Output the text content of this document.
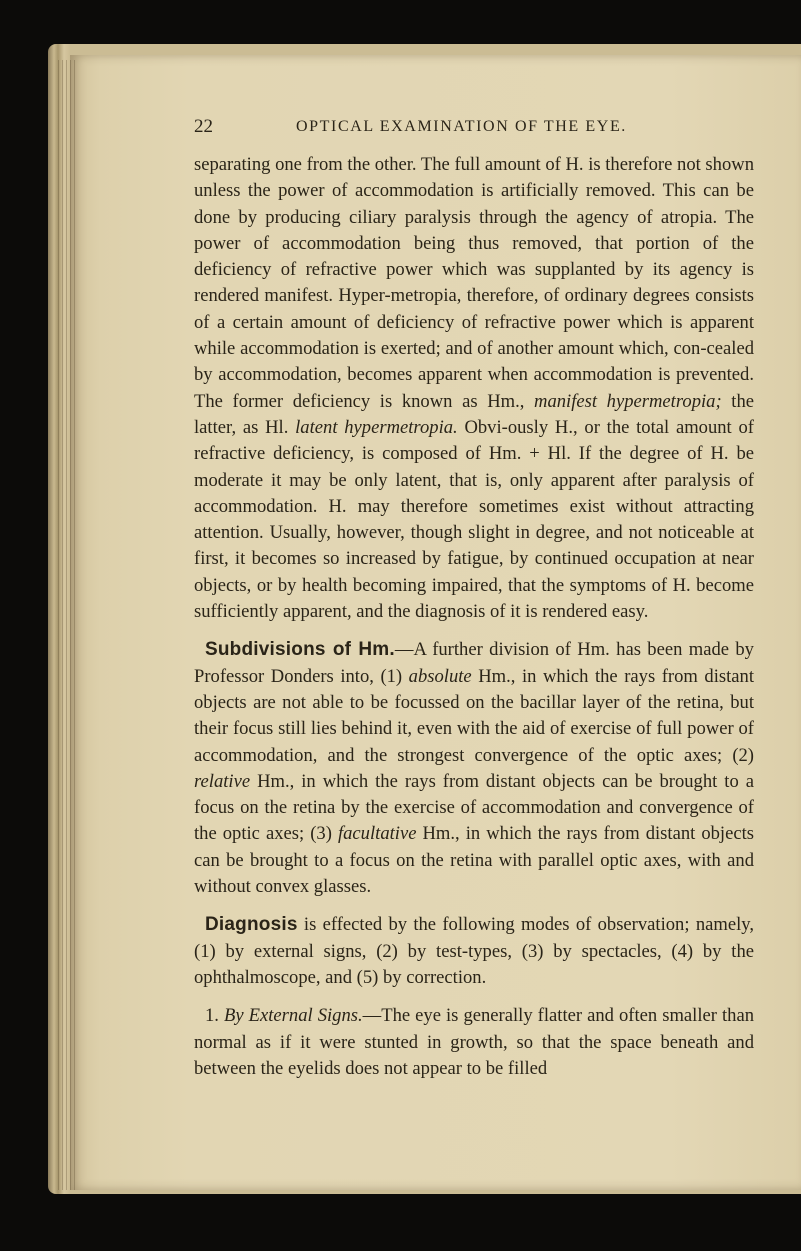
22	OPTICAL EXAMINATION OF THE EYE.

separating one from the other. The full amount of H. is therefore not shown unless the power of accommodation is artificially removed. This can be done by producing ciliary paralysis through the agency of atropia. The power of accommodation being thus removed, that portion of the deficiency of refractive power which was supplanted by its agency is rendered manifest. Hyper-metropia, therefore, of ordinary degrees consists of a certain amount of deficiency of refractive power which is apparent while accommodation is exerted; and of another amount which, con-cealed by accommodation, becomes apparent when accommodation is prevented. The former deficiency is known as Hm., manifest hypermetropia; the latter, as Hl. latent hypermetropia. Obvi-ously H., or the total amount of refractive deficiency, is composed of Hm. + Hl. If the degree of H. be moderate it may be only latent, that is, only apparent after paralysis of accommodation. H. may therefore sometimes exist without attracting attention. Usually, however, though slight in degree, and not noticeable at first, it becomes so increased by fatigue, by continued occupation at near objects, or by health becoming impaired, that the symptoms of H. become sufficiently apparent, and the diagnosis of it is rendered easy.

Subdivisions of Hm.—A further division of Hm. has been made by Professor Donders into, (1) absolute Hm., in which the rays from distant objects are not able to be focussed on the bacillar layer of the retina, but their focus still lies behind it, even with the aid of exercise of full power of accommodation, and the strongest convergence of the optic axes; (2) relative Hm., in which the rays from distant objects can be brought to a focus on the retina by the exercise of accommodation and convergence of the optic axes; (3) facultative Hm., in which the rays from distant objects can be brought to a focus on the retina with parallel optic axes, with and without convex glasses.

Diagnosis is effected by the following modes of observation; namely, (1) by external signs, (2) by test-types, (3) by spectacles, (4) by the ophthalmoscope, and (5) by correction.

1. By External Signs.—The eye is generally flatter and often smaller than normal as if it were stunted in growth, so that the space beneath and between the eyelids does not appear to be filled
